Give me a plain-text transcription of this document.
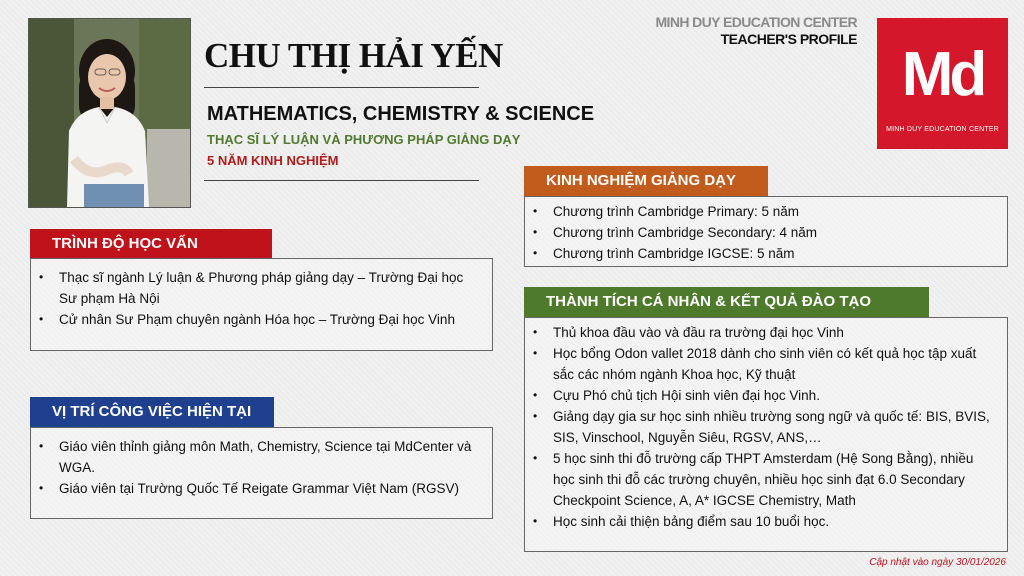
CHU THỊ HẢI YẾN
MATHEMATICS, CHEMISTRY & SCIENCE
THẠC SĨ LÝ LUẬN VÀ PHƯƠNG PHÁP GIẢNG DẠY
5 NĂM KINH NGHIỆM
MINH DUY EDUCATION CENTER
TEACHER'S PROFILE
Md
MINH DUY EDUCATION CENTER
TRÌNH ĐỘ HỌC VẤN
• Thạc sĩ ngành Lý luận & Phương pháp giảng dạy – Trường Đại học Sư phạm Hà Nội
• Cử nhân Sư Phạm chuyên ngành Hóa học – Trường Đại học Vinh
VỊ TRÍ CÔNG VIỆC HIỆN TẠI
• Giáo viên thỉnh giảng môn Math, Chemistry, Science tại MdCenter và WGA.
• Giáo viên tại Trường Quốc Tế Reigate Grammar Việt Nam (RGSV)
KINH NGHIỆM GIẢNG DẠY
• Chương trình Cambridge Primary: 5 năm
• Chương trình Cambridge Secondary: 4 năm
• Chương trình Cambridge IGCSE: 5 năm
THÀNH TÍCH CÁ NHÂN & KẾT QUẢ ĐÀO TẠO
• Thủ khoa đầu vào và đầu ra trường đại học Vinh
• Học bổng Odon vallet 2018 dành cho sinh viên có kết quả học tập xuất sắc các nhóm ngành Khoa học, Kỹ thuật
• Cựu Phó chủ tịch Hội sinh viên đại học Vinh.
• Giảng dạy gia sư học sinh nhiều trường song ngữ và quốc tế: BIS, BVIS, SIS, Vinschool, Nguyễn Siêu, RGSV, ANS,…
• 5 học sinh thi đỗ trường cấp THPT Amsterdam (Hệ Song Bằng), nhiều học sinh thi đỗ các trường chuyên, nhiều học sinh đạt 6.0 Secondary Checkpoint Science, A, A* IGCSE Chemistry, Math
• Học sinh cải thiện bảng điểm sau 10 buổi học.
Cập nhật vào ngày 30/01/2026
